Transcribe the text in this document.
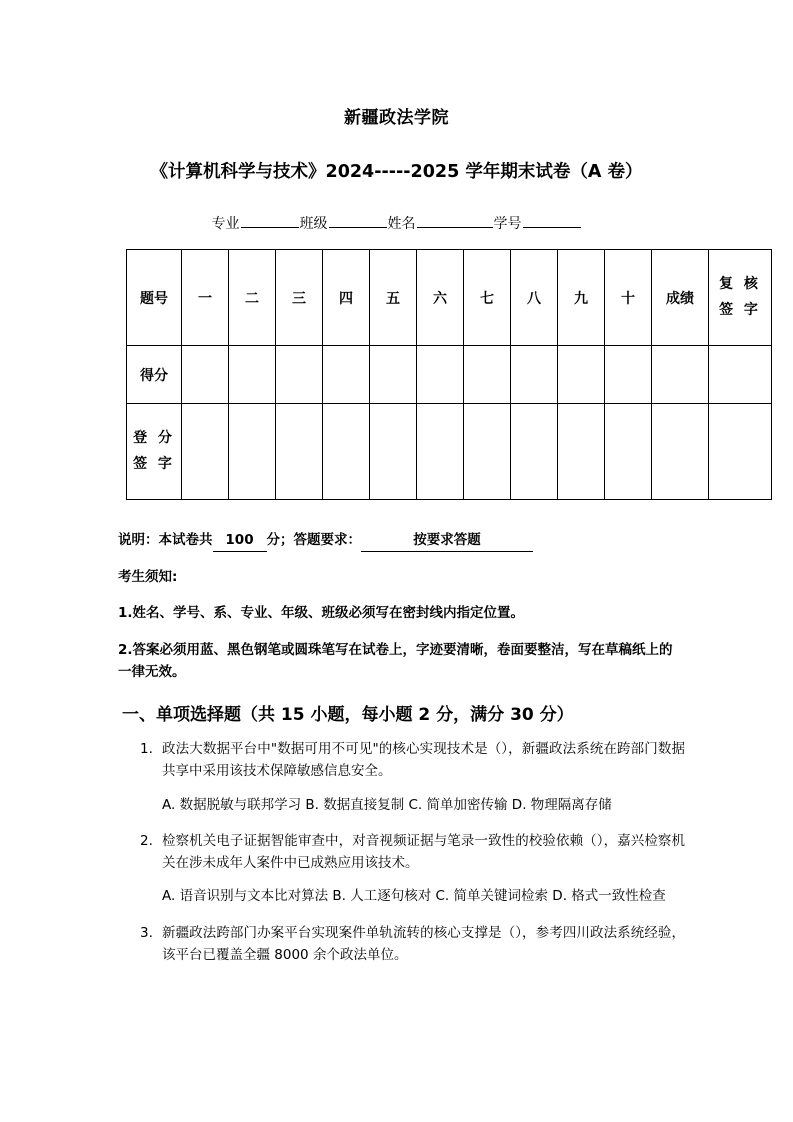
新疆政法学院
《计算机科学与技术》2024-----2025 学年期末试卷（A 卷）
专业	班级	姓名	学号
题号	一	二	三	四	五	六	七	八	九	十	成绩	复 核
签 字

得分												

登 分
签 字												

说明：本试卷共 100 分；答题要求：	按要求答题
考生须知:
1.姓名、学号、系、专业、年级、班级必须写在密封线内指定位置。
2.答案必须用蓝、黑色钢笔或圆珠笔写在试卷上，字迹要清晰，卷面要整洁，写在草稿纸上的一律无效。
一、单项选择题（共 15 小题，每小题 2 分，满分 30 分）
1. 政法大数据平台中"数据可用不可见"的核心实现技术是（），新疆政法系统在跨部门数据共享中采用该技术保障敏感信息安全。
A. 数据脱敏与联邦学习 B. 数据直接复制 C. 简单加密传输 D. 物理隔离存储
2. 检察机关电子证据智能审查中，对音视频证据与笔录一致性的校验依赖（），嘉兴检察机关在涉未成年人案件中已成熟应用该技术。
A. 语音识别与文本比对算法 B. 人工逐句核对 C. 简单关键词检索 D. 格式一致性检查
3. 新疆政法跨部门办案平台实现案件单轨流转的核心支撑是（），参考四川政法系统经验，该平台已覆盖全疆 8000 余个政法单位。
